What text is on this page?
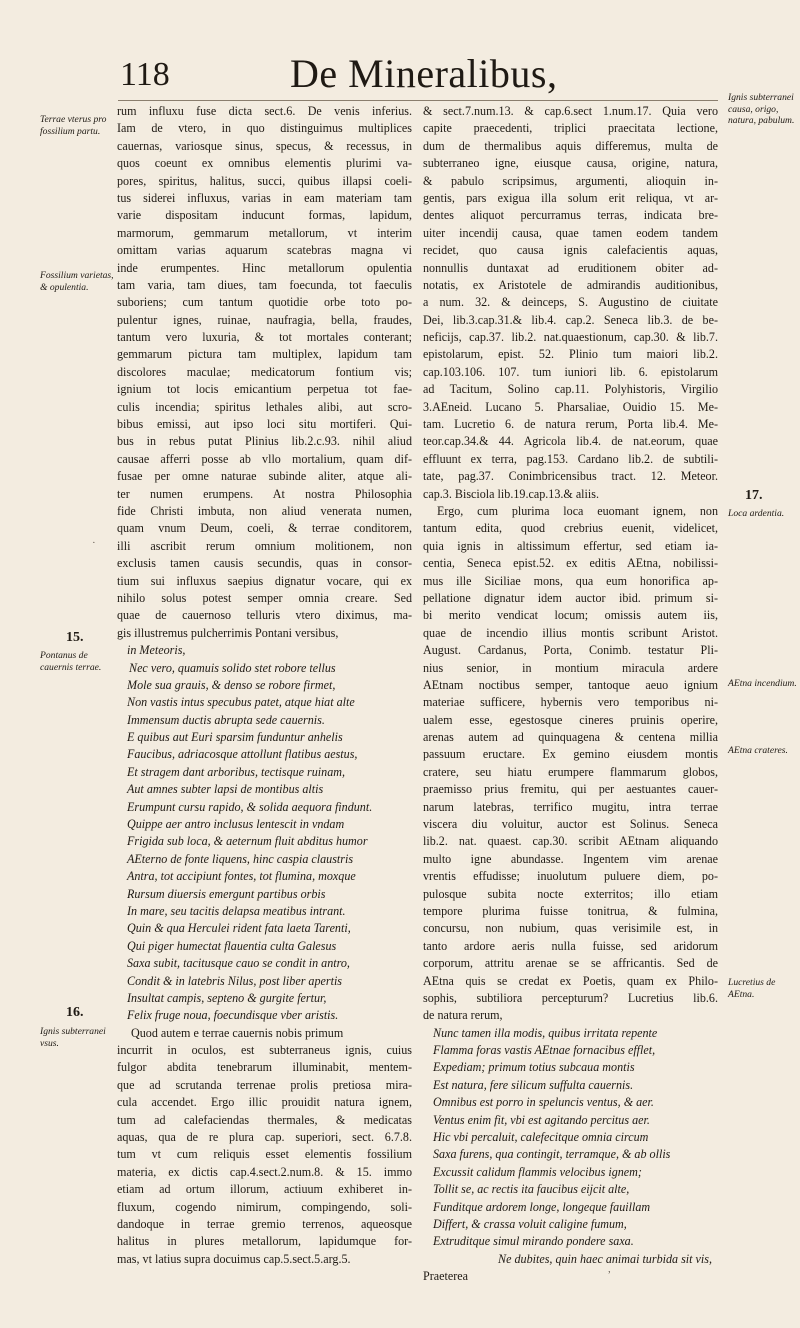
118	De Mineralibus,
rum influxu fuse dicta sect.6. De venis inferius.
Iam de vtero, in quo distinguimus multiplices
cauernas, variosque sinus, specus, & recessus, in
quos coeunt ex omnibus elementis plurimi va-
pores, spiritus, halitus, succi, quibus illapsi coeli-
tus siderei influxus, varias in eam materiam tam
varie dispositam inducunt formas, lapidum,
marmorum, gemmarum metallorum, vt interim
omittam varias aquarum scatebras magna vi
inde erumpentes. Hinc metallorum opulentia
tam varia, tam diues, tam foecunda, tot faeculis
suboriens; cum tantum quotidie orbe toto po-
pulentur ignes, ruinae, naufragia, bella, fraudes,
tantum vero luxuria, & tot mortales conterant;
gemmarum pictura tam multiplex, lapidum tam
discolores maculae; medicatorum fontium vis;
ignium tot locis emicantium perpetua tot fae-
culis incendia; spiritus lethales alibi, aut scro-
bibus emissi, aut ipso loci situ mortiferi. Qui-
bus in rebus putat Plinius lib.2.c.93. nihil aliud
causae afferri posse ab vllo mortalium, quam dif-
fusae per omne naturae subinde aliter, atque ali-
ter numen erumpens. At nostra Philosophia
fide Christi imbuta, non aliud venerata numen,
quam vnum Deum, coeli, & terrae conditorem,
illi ascribit rerum omnium molitionem, non
exclusis tamen causis secundis, quas in consor-
tium sui influxus saepius dignatur vocare, qui ex
nihilo solus potest semper omnia creare. Sed
quae de cauernoso telluris vtero diximus, ma-
gis illustremus pulcherrimis Pontani versibus,
in Meteoris,
Nec vero, quamuis solido stet robore tellus
Mole sua grauis, & denso se robore firmet,
Non vastis intus specubus patet, atque hiat alte
Immensum ductis abrupta sede cauernis.
E quibus aut Euri sparsim funduntur anhelis
Faucibus, adriacosque attollunt flatibus aestus,
Et stragem dant arboribus, tectisque ruinam,
Aut amnes subter lapsi de montibus altis
Erumpunt cursu rapido, & solida aequora findunt.
Quippe aer antro inclusus lentescit in vndam
Frigida sub loca, & aeternum fluit abditus humor
AEterno de fonte liquens, hinc caspia claustris
Antra, tot accipiunt fontes, tot flumina, moxque
Rursum diuersis emergunt partibus orbis
In mare, seu tacitis delapsa meatibus intrant.
Quin & qua Herculei rident fata laeta Tarenti,
Qui piger humectat flauentia culta Galesus
Saxa subit, tacitusque cauo se condit in antro,
Condit & in latebris Nilus, post liber apertis
Insultat campis, septeno & gurgite fertur,
Felix fruge noua, foecundisque vber aristis.
Quod autem e terrae cauernis nobis primum
incurrit in oculos, est subterraneus ignis, cuius
fulgor abdita tenebrarum illuminabit, mentem-
que ad scrutanda terrenae prolis pretiosa mira-
cula accendet. Ergo illic prouidit natura ignem,
tum ad calefaciendas thermales, & medicatas
aquas, qua de re plura cap. superiori, sect. 6.7.8.
tum vt cum reliquis esset elementis fossilium
materia, ex dictis cap.4.sect.2.num.8. & 15. immo
etiam ad ortum illorum, actiuum exhiberet in-
fluxum, cogendo nimirum, compingendo, soli-
dandoque in terrae gremio terrenos, aqueosque
halitus in plures metallorum, lapidumque for-
mas, vt latius supra docuimus cap.5.sect.5.arg.5.
& sect.7.num.13. & cap.6.sect 1.num.17. Quia vero
capite praecedenti, triplici praecitata lectione,
dum de thermalibus aquis differemus, multa de
subterraneo igne, eiusque causa, origine, natura,
& pabulo scripsimus, argumenti, alioquin in-
gentis, pars exigua illa solum erit reliqua, vt ar-
dentes aliquot percurramus terras, indicata bre-
uiter incendij causa, quae tamen eodem tandem
recidet, quo causa ignis calefacientis aquas,
nonnullis duntaxat ad eruditionem obiter ad-
notatis, ex Aristotele de admirandis auditionibus,
a num. 32. & deinceps, S. Augustino de ciuitate
Dei, lib.3.cap.31.& lib.4. cap.2. Seneca lib.3. de be-
neficijs, cap.37. lib.2. nat.quaestionum, cap.30. & lib.7.
epistolarum, epist. 52. Plinio tum maiori lib.2.
cap.103.106. 107. tum iuniori lib. 6. epistolarum
ad Tacitum, Solino cap.11. Polyhistoris, Virgilio
3.AEneid. Lucano 5. Pharsaliae, Ouidio 15. Me-
tam. Lucretio 6. de natura rerum, Porta lib.4. Me-
teor.cap.34.& 44. Agricola lib.4. de nat.eorum, quae
effluunt ex terra, pag.153. Cardano lib.2. de subtili-
tate, pag.37. Conimbricensibus tract. 12. Meteor.
cap.3. Bisciola lib.19.cap.13.& aliis.
Ergo, cum plurima loca euomant ignem, non
tantum edita, quod crebrius euenit, videlicet,
quia ignis in altissimum effertur, sed etiam ia-
centia, Seneca epist.52. ex editis AEtna, nobilissi-
mus ille Siciliae mons, qua eum honorifica ap-
pellatione dignatur idem auctor ibid. primum si-
bi merito vendicat locum; omissis autem iis,
quae de incendio illius montis scribunt Aristot.
August. Cardanus, Porta, Conimb. testatur Pli-
nius senior, in montium miracula ardere
AEtnam noctibus semper, tantoque aeuo ignium
materiae sufficere, hybernis vero temporibus ni-
ualem esse, egestosque cineres pruinis operire,
arenas autem ad quinquagena & centena millia
passuum eructare. Ex gemino eiusdem montis
cratere, seu hiatu erumpere flammarum globos,
praemisso prius fremitu, qui per aestuantes cauer-
narum latebras, terrifico mugitu, intra terrae
viscera diu voluitur, auctor est Solinus. Seneca
lib.2. nat. quaest. cap.30. scribit AEtnam aliquando
multo igne abundasse. Ingentem vim arenae
vrentis effudisse; inuolutum puluere diem, po-
pulosque subita nocte exterritos; illo etiam
tempore plurima fuisse tonitrua, & fulmina,
concursu, non nubium, quas verisimile est, in
tanto ardore aeris nulla fuisse, sed aridorum
corporum, attritu arenae se se affricantis. Sed de
AEtna quis se credat ex Poetis, quam ex Philo-
sophis, subtiliora percepturum? Lucretius lib.6.
de natura rerum,
Nunc tamen illa modis, quibus irritata repente
Flamma foras vastis AEtnae fornacibus efflet,
Expediam; primum totius subcaua montis
Est natura, fere silicum suffulta cauernis.
Omnibus est porro in speluncis ventus, & aer.
Ventus enim fit, vbi est agitando percitus aer.
Hic vbi percaluit, calefecitque omnia circum
Saxa furens, qua contingit, terramque, & ab ollis
Excussit calidum flammis velocibus ignem;
Tollit se, ac rectis ita faucibus eijcit alte,
Funditque ardorem longe, longeque fauillam
Differt, & crassa voluit caligine fumum,
Extruditque simul mirando pondere saxa.
Ne dubites, quin haec animai turbida sit vis,
Praeterea
Terrae vterus pro fossilium partu.
Fossilium varietas, & opulentia.
15.
Pontanus de cauernis terrae.
16.
Ignis subterranei vsus.
Ignis subterranei causa, origo, natura, pabulum.
17.
Loca ardentia.
AEtna incendium.
AEtna crateres.
Lucretius de AEtna.
·
,
